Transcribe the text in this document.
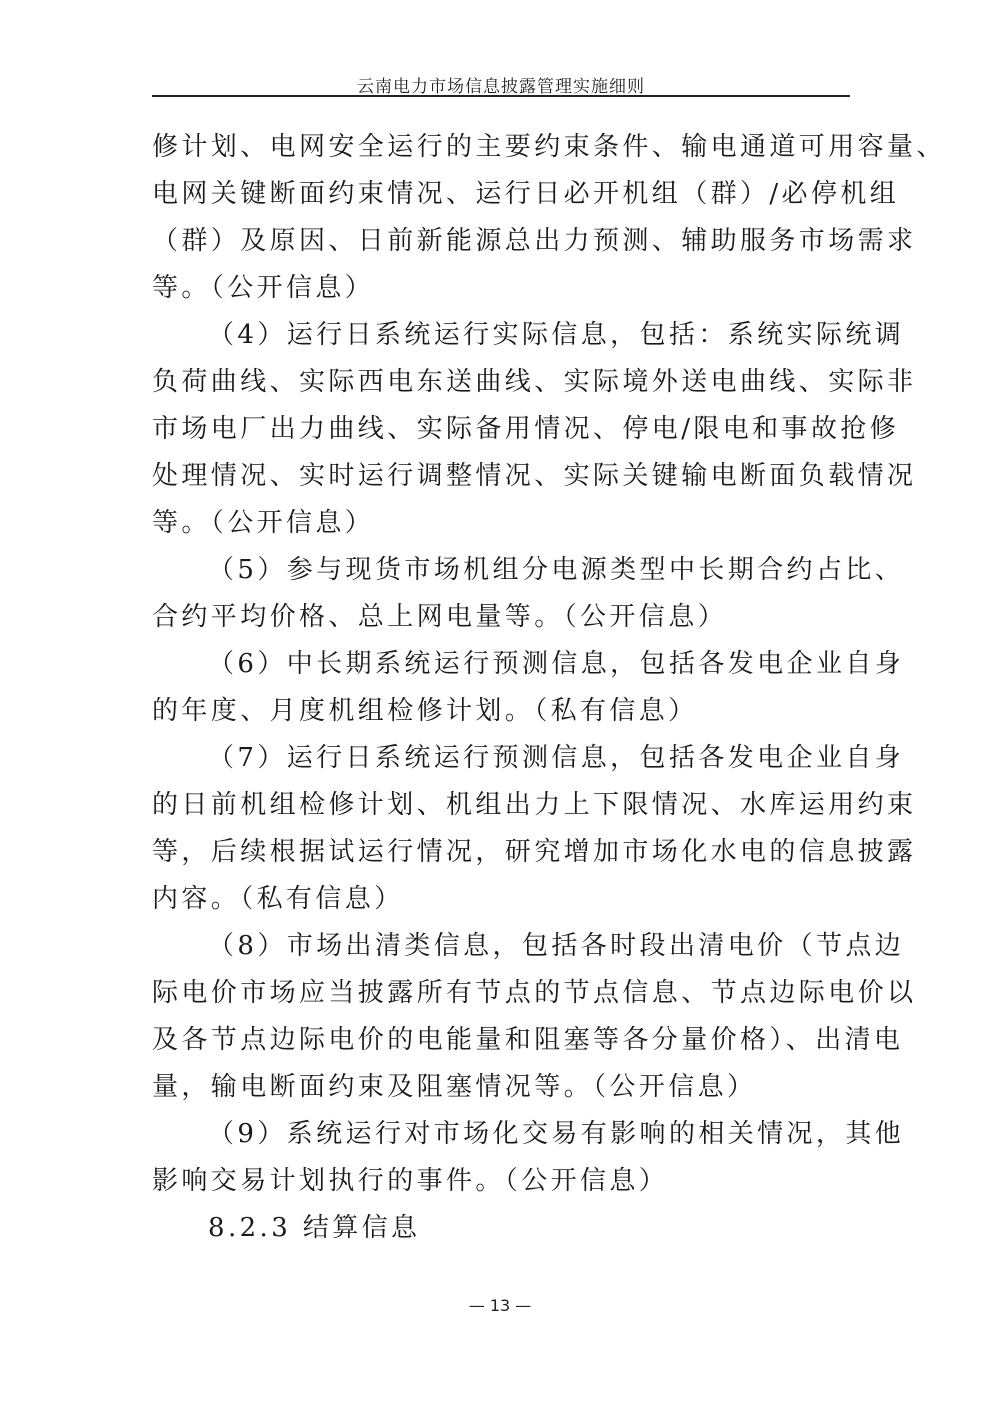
云南电力市场信息披露管理实施细则
修计划、电网安全运行的主要约束条件、输电通道可用容量、
电网关键断面约束情况、运行日必开机组（群）/必停机组
（群）及原因、日前新能源总出力预测、辅助服务市场需求
等。（公开信息）
（4）运行日系统运行实际信息，包括：系统实际统调
负荷曲线、实际西电东送曲线、实际境外送电曲线、实际非
市场电厂出力曲线、实际备用情况、停电/限电和事故抢修
处理情况、实时运行调整情况、实际关键输电断面负载情况
等。（公开信息）
（5）参与现货市场机组分电源类型中长期合约占比、
合约平均价格、总上网电量等。（公开信息）
（6）中长期系统运行预测信息，包括各发电企业自身
的年度、月度机组检修计划。（私有信息）
（7）运行日系统运行预测信息，包括各发电企业自身
的日前机组检修计划、机组出力上下限情况、水库运用约束
等，后续根据试运行情况，研究增加市场化水电的信息披露
内容。（私有信息）
（8）市场出清类信息，包括各时段出清电价（节点边
际电价市场应当披露所有节点的节点信息、节点边际电价以
及各节点边际电价的电能量和阻塞等各分量价格）、出清电
量，输电断面约束及阻塞情况等。（公开信息）
（9）系统运行对市场化交易有影响的相关情况，其他
影响交易计划执行的事件。（公开信息）
8.2.3 结算信息
— 13 —
